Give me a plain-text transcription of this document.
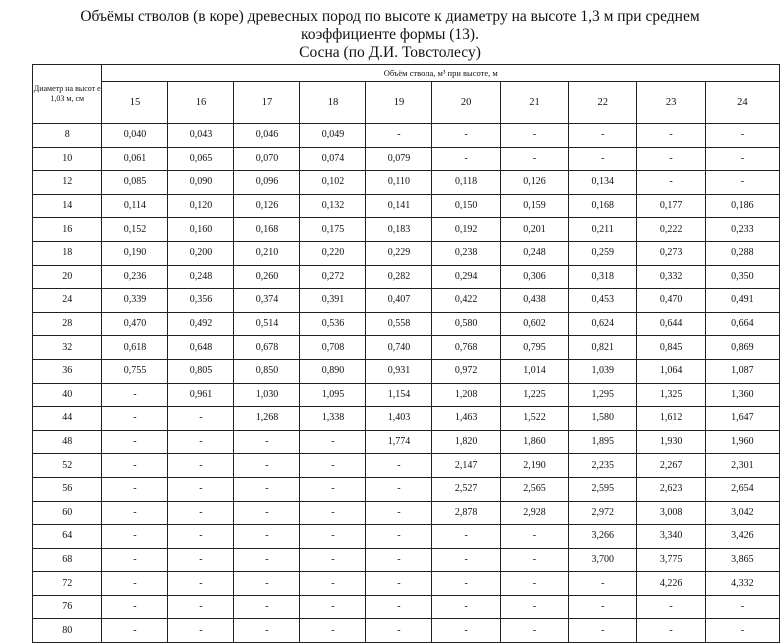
Объёмы стволов (в коре) древесных пород по высоте к диаметру на высоте 1,3 м при среднем
коэффициенте формы (13).
Сосна (по Д.И. Товстолесу)
Диаметр на высот е 1,03 м, см	Объём ствола, м³ при высоте, м									
	15	16	17	18	19	20	21	22	23	24
8	0,040	0,043	0,046	0,049	-	-	-	-	-	-
10	0,061	0,065	0,070	0,074	0,079	-	-	-	-	-
12	0,085	0,090	0,096	0,102	0,110	0,118	0,126	0,134	-	-
14	0,114	0,120	0,126	0,132	0,141	0,150	0,159	0,168	0,177	0,186
16	0,152	0,160	0,168	0,175	0,183	0,192	0,201	0,211	0,222	0,233
18	0,190	0,200	0,210	0,220	0,229	0,238	0,248	0,259	0,273	0,288
20	0,236	0,248	0,260	0,272	0,282	0,294	0,306	0,318	0,332	0,350
24	0,339	0,356	0,374	0,391	0,407	0,422	0,438	0,453	0,470	0,491
28	0,470	0,492	0,514	0,536	0,558	0,580	0,602	0,624	0,644	0,664
32	0,618	0,648	0,678	0,708	0,740	0,768	0,795	0,821	0,845	0,869
36	0,755	0,805	0,850	0,890	0,931	0,972	1,014	1,039	1,064	1,087
40	-	0,961	1,030	1,095	1,154	1,208	1,225	1,295	1,325	1,360
44	-	-	1,268	1,338	1,403	1,463	1,522	1,580	1,612	1,647
48	-	-	-	-	1,774	1,820	1,860	1,895	1,930	1,960
52	-	-	-	-	-	2,147	2,190	2,235	2,267	2,301
56	-	-	-	-	-	2,527	2,565	2,595	2,623	2,654
60	-	-	-	-	-	2,878	2,928	2,972	3,008	3,042
64	-	-	-	-	-	-	-	3,266	3,340	3,426
68	-	-	-	-	-	-	-	3,700	3,775	3,865
72	-	-	-	-	-	-	-	-	4,226	4,332
76	-	-	-	-	-	-	-	-	-	-
80	-	-	-	-	-	-	-	-	-	-
